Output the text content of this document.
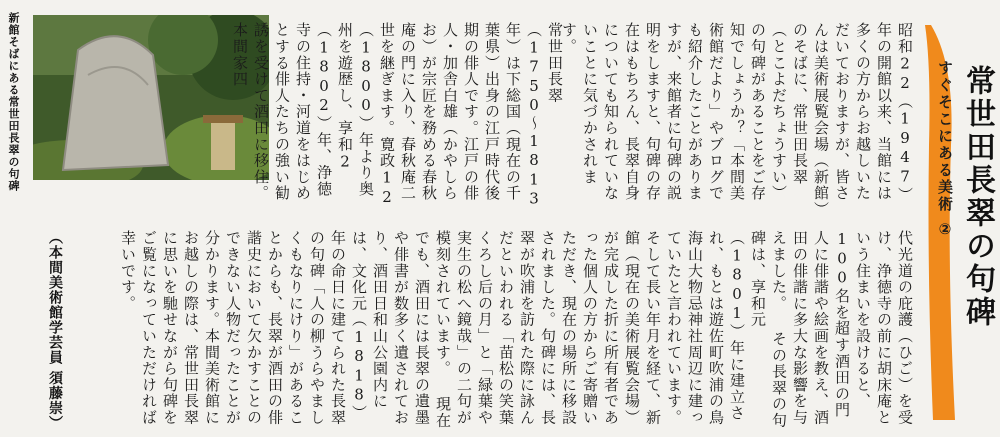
新館そばにある常世田長翠の句碑	昭和22（1947）年の開館以来、当館には多くの方からお越しいただいておりますが、皆さんは美術展覧会場（新館）のそばに、常世田長翠（とこよだちょうすい）の句碑があることをご存知でしょうか？「本間美術館だより」やブログでも紹介したことがありますが、来館者に句碑の説明をしますと、句碑の存在はもちろん、長翠自身についても知られていないことに気づかされます。
常世田長翠（1750〜1813年）は下総国（現在の千葉県）出身の江戸時代後期の俳人です。江戸の俳人・加舎白雄（かやしらお）が宗匠を務める春秋庵の門に入り、春秋庵二世を継ぎます。寛政12（1800）年より奥州を遊歴し、享和2（1802）年、浄徳寺の住持・河道をはじめとする俳人たちの強い勧誘を受けて酒田に移住。本間家四
代光道の庇護（ひご）を受け、浄徳寺の前に胡床庵という住まいを設けると、100名を超す酒田の門人に俳諧や絵画を教え、酒田の俳諧に多大な影響を与えました。 その長翠の句碑は、享和元（1801）年に建立され、もとは遊佐町吹浦の鳥海山大物忌神社周辺に建っていたと言われています。そして長い年月を経て、新館（現在の美術展覧会場）が完成した折に所有者であった個人の方からご寄贈いただき、現在の場所に移設されました。句碑には、長翠が吹浦を訪れた際に詠んだといわれる「苗松の笑葉くろし后の月」と「緑葉や実生の松へ鏡哉」の二句が模刻されています。 現在でも、酒田には長翠の遺墨や俳書が数多く遺されており、酒田日和山公園内には、文化元（1818）年の命日に建てられた長翠の句碑「人の柳うらやましくもなりにけり」があることからも、長翠が酒田の俳諧史において欠かすことのできない人物だったことが分かります。本間美術館にお越しの際は、常世田長翠に思いを馳せながら句碑をご覧になっていただければ幸いです。
（本間美術館学芸員 須藤崇）
すぐそこにある美術 ② 常世田長翠の句碑
